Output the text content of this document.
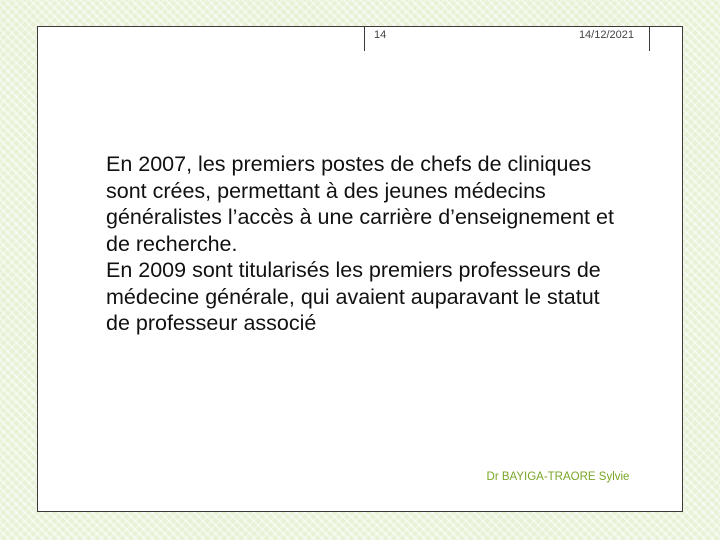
14	14/12/2021

En 2007, les premiers postes de chefs de cliniques sont crées, permettant à des jeunes médecins généralistes l’accès à une carrière d’enseignement et de recherche.

En 2009 sont titularisés les premiers professeurs de médecine générale, qui avaient auparavant le statut de professeur associé

Dr BAYIGA-TRAORE Sylvie
